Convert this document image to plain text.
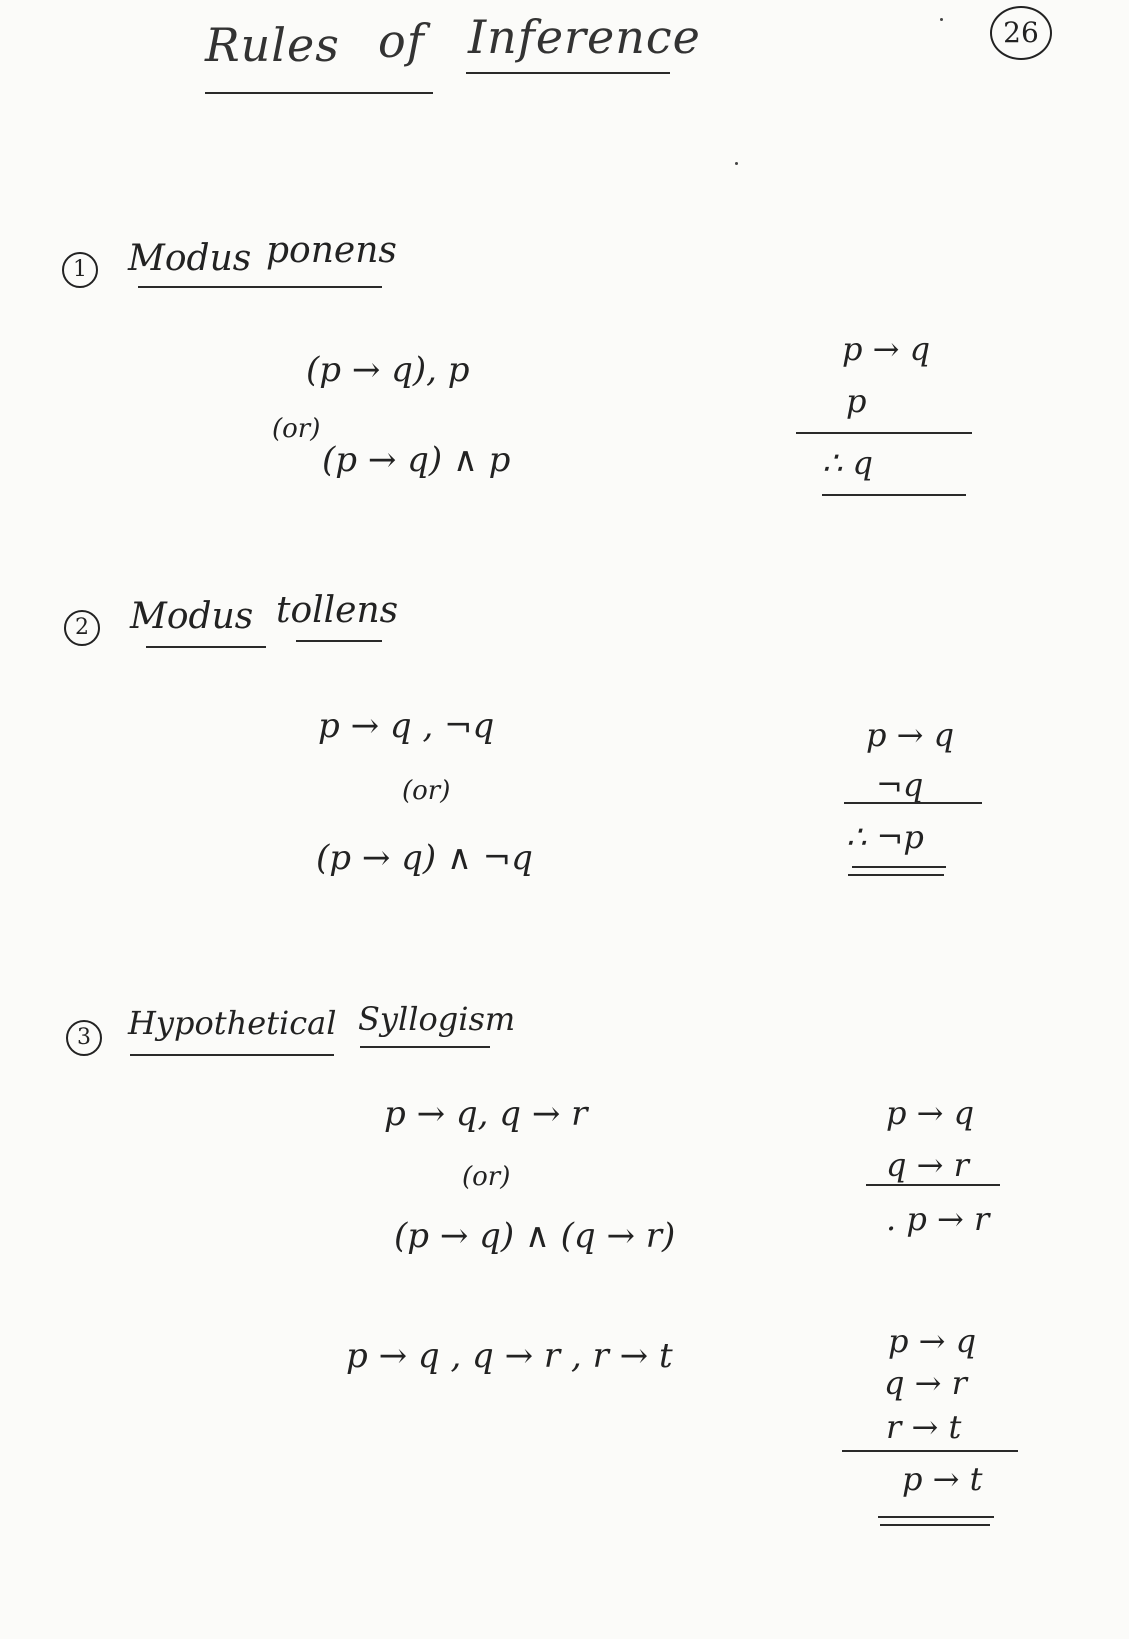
Rules of Inference	26
1	Modus ponens
(p → q), p
(or)
(p → q) ∧ p
p → q
p
∴ q
2	Modus tollens
p → q , ¬q
(or)
(p → q) ∧ ¬q
p → q
¬q
∴ ¬p
3	Hypothetical Syllogism
p → q, q → r
(or)
(p → q) ∧ (q → r)
p → q
q → r
. p → r
p → q , q → r , r → t	p → q
q → r
r → t
p → t
